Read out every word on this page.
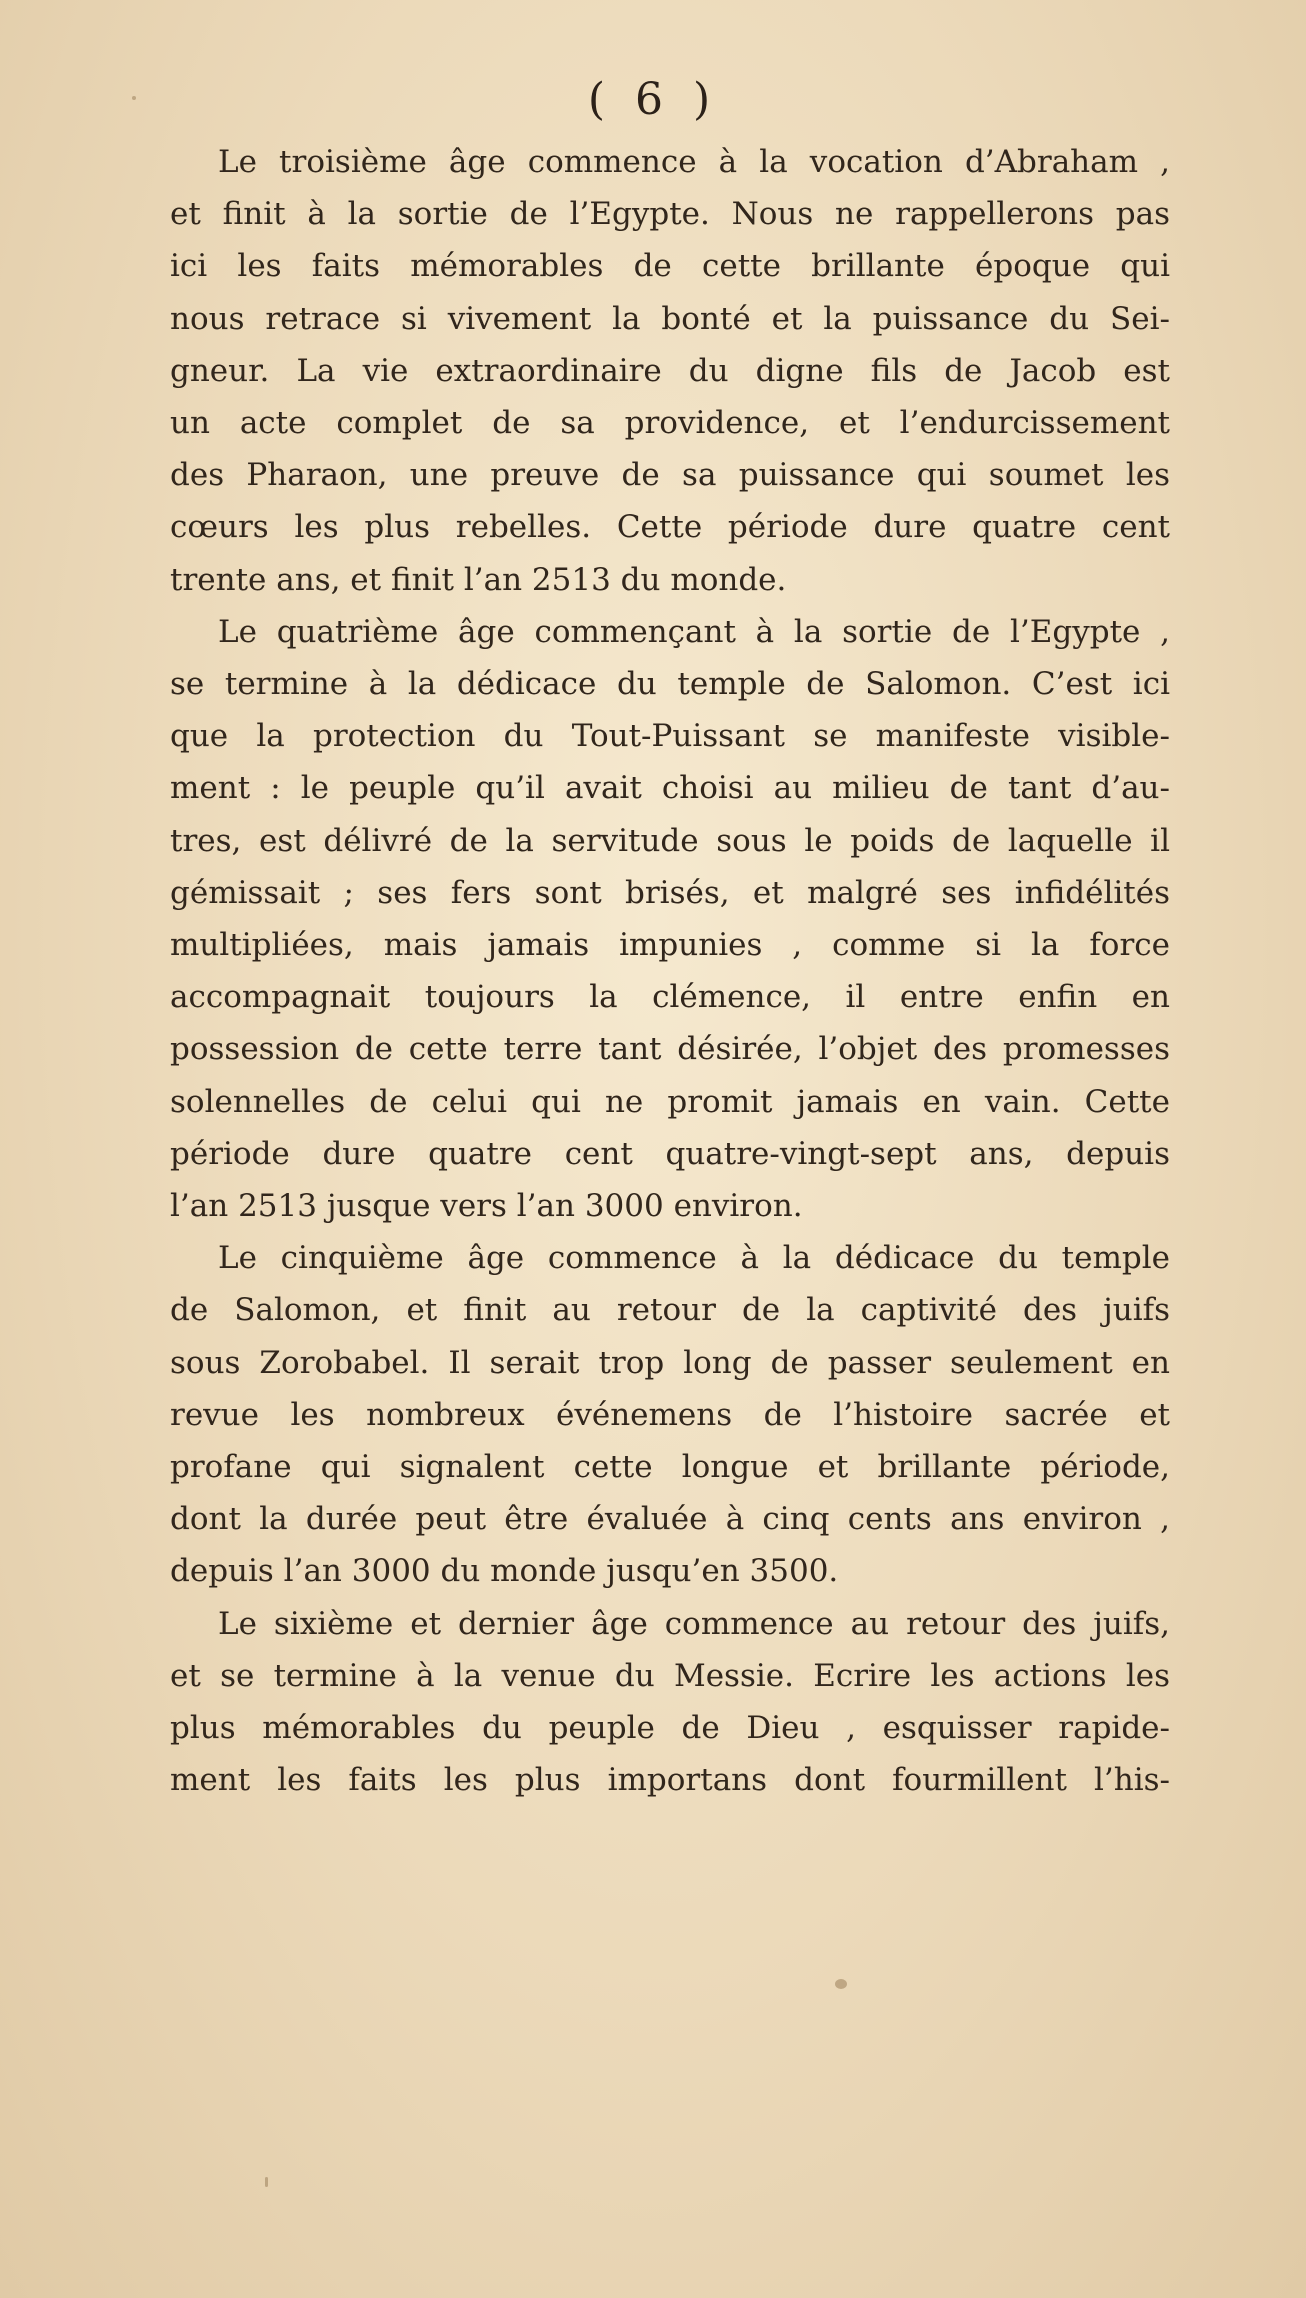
( 6 )
Le troisième âge commence à la vocation d’Abraham ,
et finit à la sortie de l’Egypte. Nous ne rappellerons pas
ici les faits mémorables de cette brillante époque qui
nous retrace si vivement la bonté et la puissance du Sei-
gneur. La vie extraordinaire du digne fils de Jacob est
un acte complet de sa providence, et l’endurcissement
des Pharaon, une preuve de sa puissance qui soumet les
cœurs les plus rebelles. Cette période dure quatre cent
trente ans, et finit l’an 2513 du monde.
Le quatrième âge commençant à la sortie de l’Egypte ,
se termine à la dédicace du temple de Salomon. C’est ici
que la protection du Tout-Puissant se manifeste visible-
ment : le peuple qu’il avait choisi au milieu de tant d’au-
tres, est délivré de la servitude sous le poids de laquelle il
gémissait ; ses fers sont brisés, et malgré ses infidélités
multipliées, mais jamais impunies , comme si la force
accompagnait toujours la clémence, il entre enfin en
possession de cette terre tant désirée, l’objet des promesses
solennelles de celui qui ne promit jamais en vain. Cette
période dure quatre cent quatre-vingt-sept ans, depuis
l’an 2513 jusque vers l’an 3000 environ.
Le cinquième âge commence à la dédicace du temple
de Salomon, et finit au retour de la captivité des juifs
sous Zorobabel. Il serait trop long de passer seulement en
revue les nombreux événemens de l’histoire sacrée et
profane qui signalent cette longue et brillante période,
dont la durée peut être évaluée à cinq cents ans environ ,
depuis l’an 3000 du monde jusqu’en 3500.
Le sixième et dernier âge commence au retour des juifs,
et se termine à la venue du Messie. Ecrire les actions les
plus mémorables du peuple de Dieu , esquisser rapide-
ment les faits les plus importans dont fourmillent l’his-
